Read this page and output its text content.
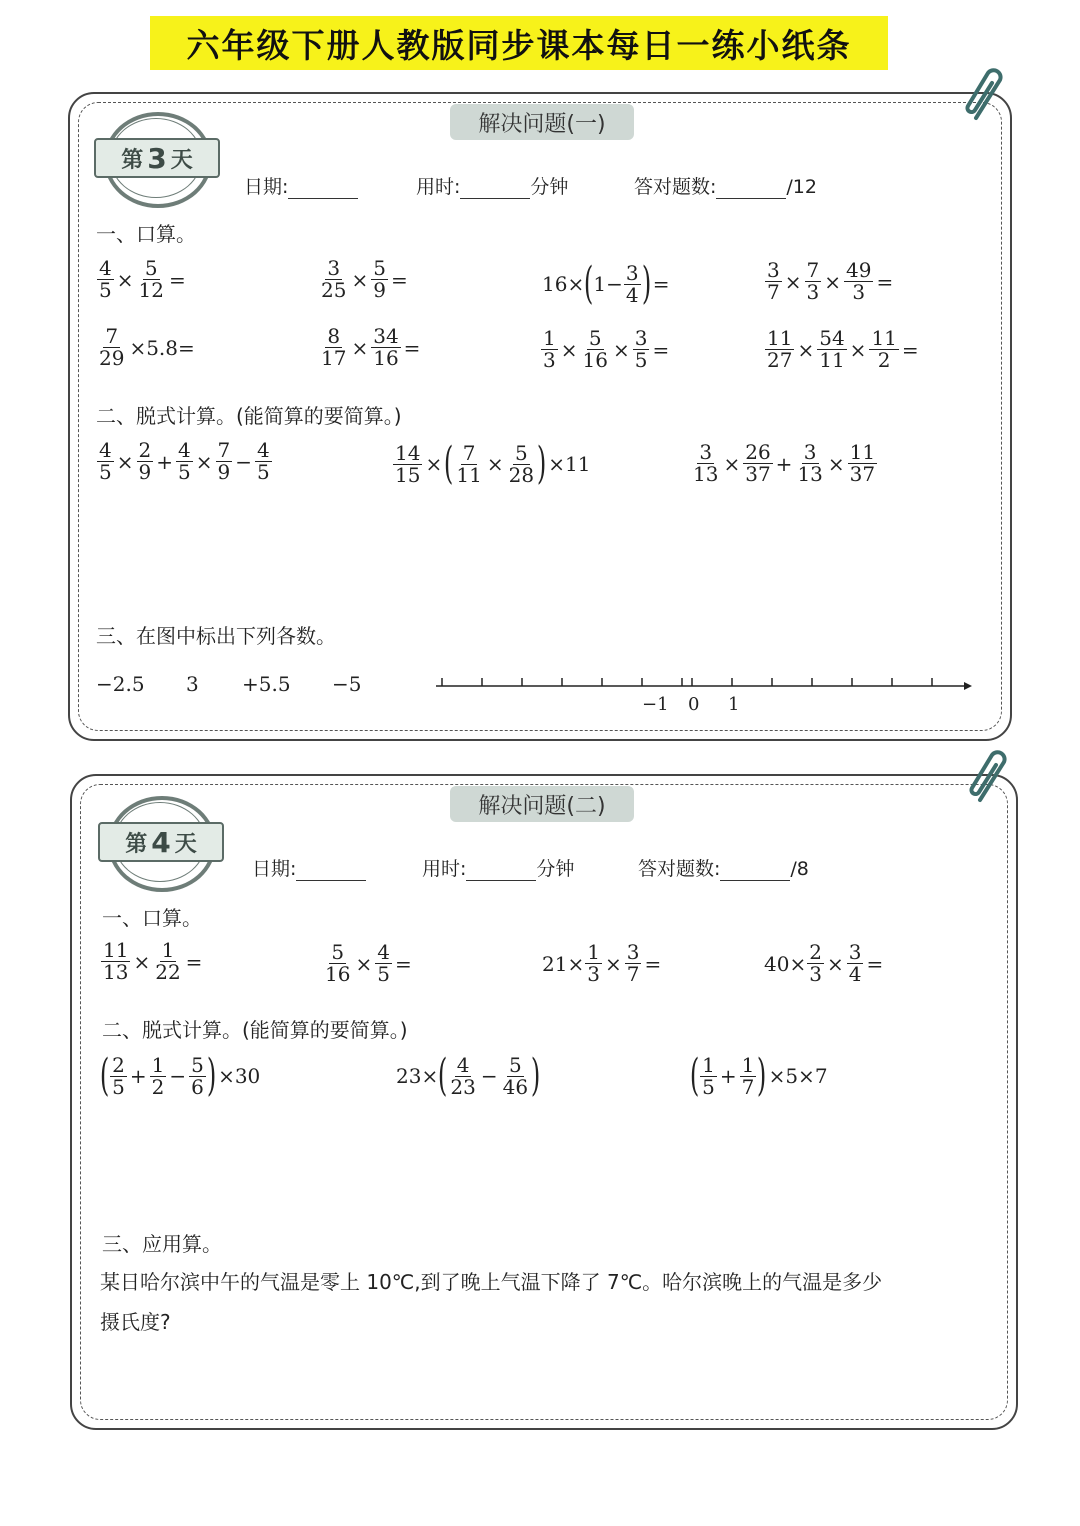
六年级下册人教版同步课本每日一练小纸条
解决问题(一)
第 3 天
日期:	用时:	分钟	答对题数:	/12
一、口算。
$\frac{4}{5} \times \frac{5}{12}$ =	$\frac{3}{25} \times \frac{5}{9}$ =	16× ( $1- \frac{3}{4}$ ) =	$\frac{3}{7} \times \frac{7}{3} \times \frac{49}{3}$ =
$\frac{7}{29} \times 5.8=$	$\frac{8}{17} \times \frac{34}{16}$ =	$\frac{1}{3} \times \frac{5}{16} \times \frac{3}{5}$ =	$\frac{11}{27} \times \frac{54}{11} \times \frac{11}{2}$ =
二、脱式计算。(能简算的要简算。)
$\frac{4}{5} \times \frac{2}{9} + \frac{4}{5} \times \frac{7}{9} - \frac{4}{5}$	$\frac{14}{15}$ × ( $\frac{7}{11} \times \frac{5}{28}$ ) ×11	$\frac{3}{13} \times \frac{26}{37} + \frac{3}{13} \times \frac{11}{37}$
三、在图中标出下列各数。
−2.5 3 +5.5 −5
−1 0 1
解决问题(二)
第 4 天
日期:	用时:	分钟	答对题数:	/8
一、口算。
$\frac{11}{13} \times \frac{1}{22}$ =	$\frac{5}{16} \times \frac{4}{5}$ =	$21\times \frac{1}{3} \times \frac{3}{7}$ =	$40\times \frac{2}{3} \times \frac{3}{4}$ =
二、脱式计算。(能简算的要简算。)
( $\frac{2}{5} + \frac{1}{2} - \frac{5}{6}$ ) ×30	23× ( $\frac{4}{23} - \frac{5}{46}$ )	( $\frac{1}{5} + \frac{1}{7}$ ) ×5×7
三、应用算。
某日哈尔滨中午的气温是零上 10℃,到了晚上气温下降了 7℃。哈尔滨晚上的气温是多少
摄氏度?
